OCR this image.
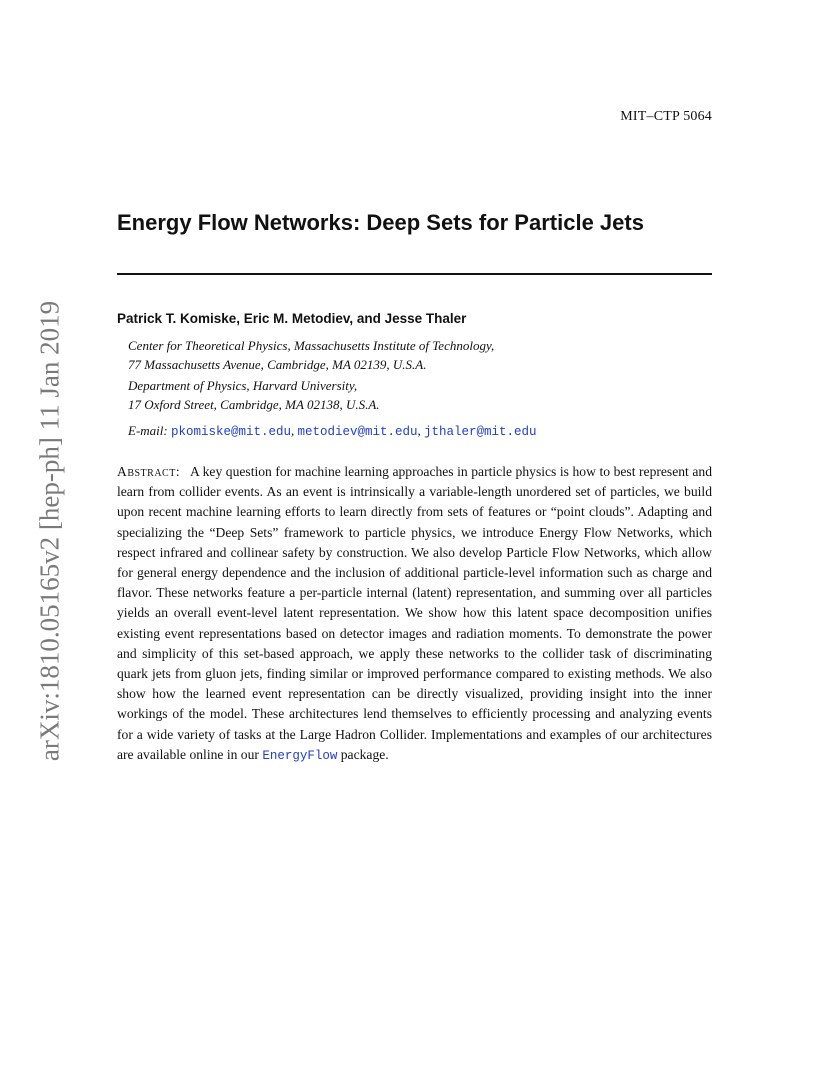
MIT–CTP 5064
Energy Flow Networks: Deep Sets for Particle Jets
Patrick T. Komiske, Eric M. Metodiev, and Jesse Thaler
Center for Theoretical Physics, Massachusetts Institute of Technology,
77 Massachusetts Avenue, Cambridge, MA 02139, U.S.A.
Department of Physics, Harvard University,
17 Oxford Street, Cambridge, MA 02138, U.S.A.
E-mail: pkomiske@mit.edu, metodiev@mit.edu, jthaler@mit.edu

Abstract: A key question for machine learning approaches in particle physics is how to best represent and learn from collider events. As an event is intrinsically a variable-length unordered set of particles, we build upon recent machine learning efforts to learn directly from sets of features or “point clouds”. Adapting and specializing the “Deep Sets” framework to particle physics, we introduce Energy Flow Networks, which respect infrared and collinear safety by construction. We also develop Particle Flow Networks, which allow for general energy dependence and the inclusion of additional particle-level information such as charge and flavor. These networks feature a per-particle internal (latent) representation, and summing over all particles yields an overall event-level latent representation. We show how this latent space decomposition unifies existing event representations based on detector images and radiation moments. To demonstrate the power and simplicity of this set-based approach, we apply these networks to the collider task of discriminating quark jets from gluon jets, finding similar or improved performance compared to existing methods. We also show how the learned event representation can be directly visualized, providing insight into the inner workings of the model. These architectures lend themselves to efficiently processing and analyzing events for a wide variety of tasks at the Large Hadron Collider. Implementations and examples of our architectures are available online in our EnergyFlow package.

arXiv:1810.05165v2 [hep-ph] 11 Jan 2019
